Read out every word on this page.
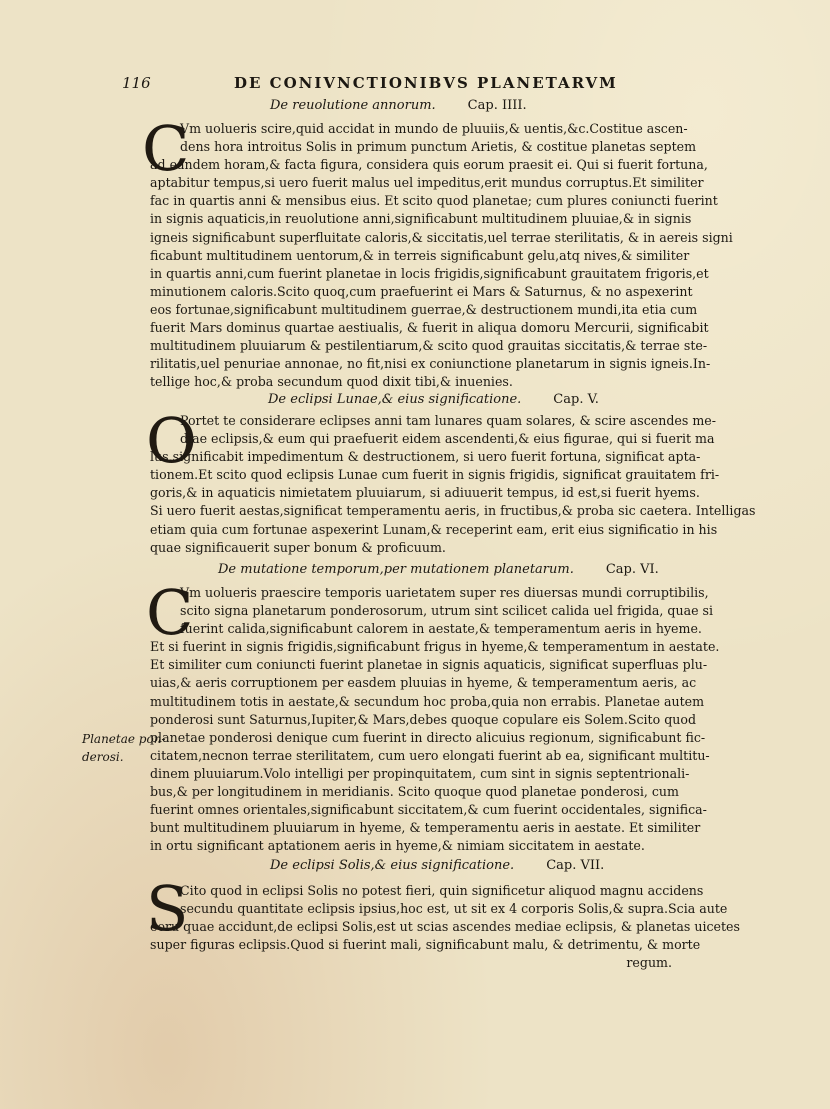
116	DE CONIVNCTIONIBVS PLANETARVM
De reuolutione annorum. Cap. IIII.
C
Vm uolueris scire,quid accidat in mundo de pluuiis,& uentis,&c.Costitue ascen-
dens hora introitus Solis in primum punctum Arietis, & costitue planetas septem
ad eandem horam,& facta figura, considera quis eorum praesit ei. Qui si fuerit fortuna,
aptabitur tempus,si uero fuerit malus uel impeditus,erit mundus corruptus.Et similiter
fac in quartis anni & mensibus eius. Et scito quod planetae; cum plures coniuncti fuerint
in signis aquaticis,in reuolutione anni,significabunt multitudinem pluuiae,& in signis
igneis significabunt superfluitate caloris,& siccitatis,uel terrae sterilitatis, & in aereis signi
ficabunt multitudinem uentorum,& in terreis significabunt gelu,atq nives,& similiter
in quartis anni,cum fuerint planetae in locis frigidis,significabunt grauitatem frigoris,et
minutionem caloris.Scito quoq,cum praefuerint ei Mars & Saturnus, & no aspexerint
eos fortunae,significabunt multitudinem guerrae,& destructionem mundi,ita etia cum
fuerit Mars dominus quartae aestiualis, & fuerit in aliqua domoru Mercurii, significabit
multitudinem pluuiarum & pestilentiarum,& scito quod grauitas siccitatis,& terrae ste-
rilitatis,uel penuriae annonae, no fit,nisi ex coniunctione planetarum in signis igneis.In-
tellige hoc,& proba secundum quod dixit tibi,& inuenies.
De eclipsi Lunae,& eius significatione. Cap. V.
O
Portet te considerare eclipses anni tam lunares quam solares, & scire ascendes me-
diae eclipsis,& eum qui praefuerit eidem ascendenti,& eius figurae, qui si fuerit ma
lus,significabit impedimentum & destructionem, si uero fuerit fortuna, significat apta-
tionem.Et scito quod eclipsis Lunae cum fuerit in signis frigidis, significat grauitatem fri-
goris,& in aquaticis nimietatem pluuiarum, si adiuuerit tempus, id est,si fuerit hyems.
Si uero fuerit aestas,significat temperamentu aeris, in fructibus,& proba sic caetera. Intelligas
etiam quia cum fortunae aspexerint Lunam,& receperint eam, erit eius significatio in his
quae significauerit super bonum & proficuum.
De mutatione temporum,per mutationem planetarum. Cap. VI.
C
Vm uolueris praescire temporis uarietatem super res diuersas mundi corruptibilis,
scito signa planetarum ponderosorum, utrum sint scilicet calida uel frigida, quae si
fuerint calida,significabunt calorem in aestate,& temperamentum aeris in hyeme.
Et si fuerint in signis frigidis,significabunt frigus in hyeme,& temperamentum in aestate.
Et similiter cum coniuncti fuerint planetae in signis aquaticis, significat superfluas plu-
uias,& aeris corruptionem per easdem pluuias in hyeme, & temperamentum aeris, ac
multitudinem totis in aestate,& secundum hoc proba,quia non errabis. Planetae autem
ponderosi sunt Saturnus,Iupiter,& Mars,debes quoque copulare eis Solem.Scito quod
planetae ponderosi denique cum fuerint in directo alicuius regionum, significabunt fic-
citatem,necnon terrae sterilitatem, cum uero elongati fuerint ab ea, significant multitu-
dinem pluuiarum.Volo intelligi per propinquitatem, cum sint in signis septentrionali-
bus,& per longitudinem in meridianis. Scito quoque quod planetae ponderosi, cum
fuerint omnes orientales,significabunt siccitatem,& cum fuerint occidentales, significa-
bunt multitudinem pluuiarum in hyeme, & temperamentu aeris in aestate. Et similiter
in ortu significant aptationem aeris in hyeme,& nimiam siccitatem in aestate.
Planetae pon-
derosi.
De eclipsi Solis,& eius significatione. Cap. VII.
S
Cito quod in eclipsi Solis no potest fieri, quin significetur aliquod magnu accidens
secundu quantitate eclipsis ipsius,hoc est, ut sit ex 4 corporis Solis,& supra.Scia aute
eoru quae accidunt,de eclipsi Solis,est ut scias ascendes mediae eclipsis, & planetas uicetes
super figuras eclipsis.Quod si fuerint mali, significabunt malu, & detrimentu, & morte
regum.
